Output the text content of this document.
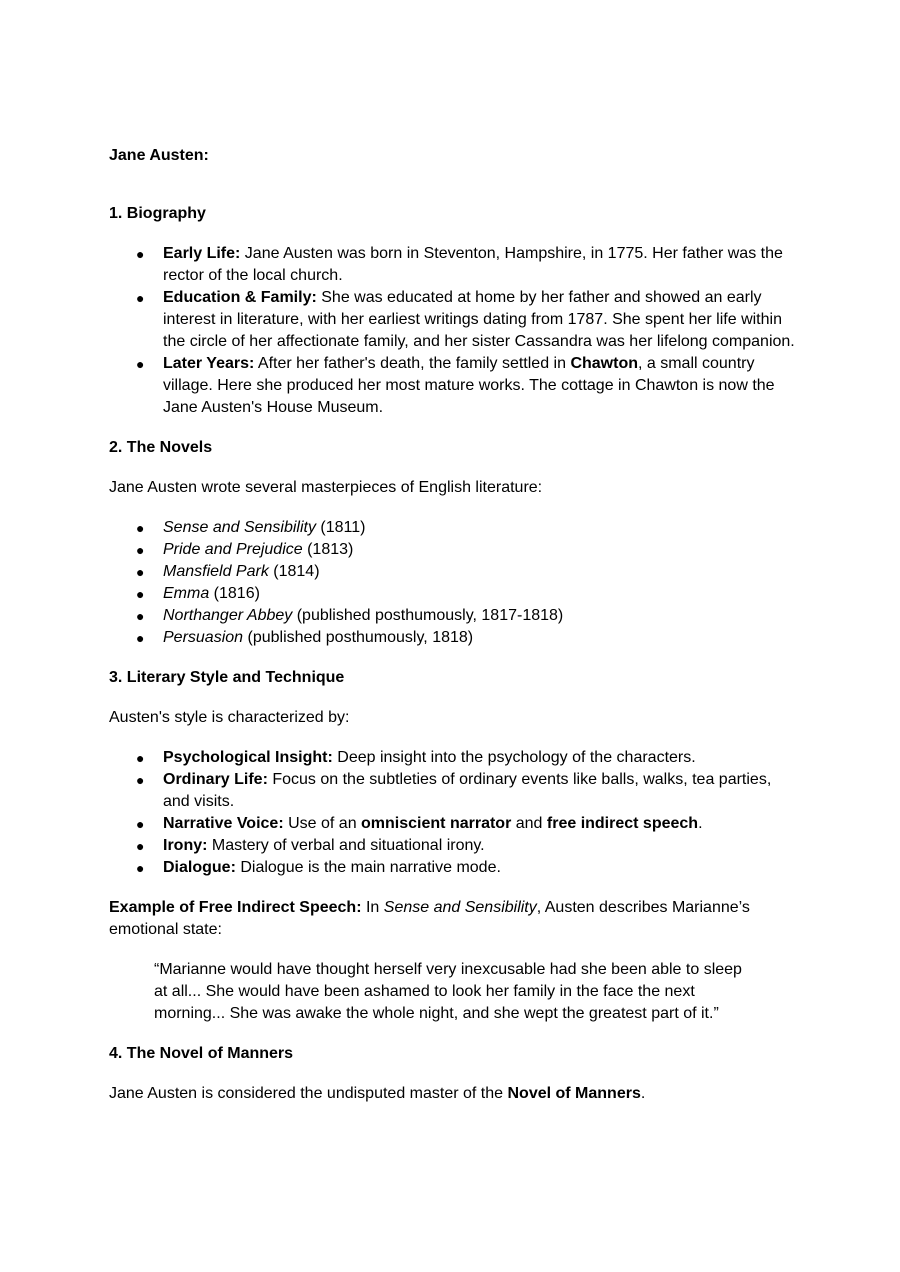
Jane Austen:

1. Biography
● Early Life: Jane Austen was born in Steventon, Hampshire, in 1775. Her father was the rector of the local church.
● Education & Family: She was educated at home by her father and showed an early interest in literature, with her earliest writings dating from 1787. She spent her life within the circle of her affectionate family, and her sister Cassandra was her lifelong companion.
● Later Years: After her father's death, the family settled in Chawton, a small country village. Here she produced her most mature works. The cottage in Chawton is now the Jane Austen's House Museum.
2. The Novels

Jane Austen wrote several masterpieces of English literature:

● Sense and Sensibility (1811)
● Pride and Prejudice (1813)
● Mansfield Park (1814)
● Emma (1816)
● Northanger Abbey (published posthumously, 1817-1818)
● Persuasion (published posthumously, 1818)
3. Literary Style and Technique

Austen's style is characterized by:

● Psychological Insight: Deep insight into the psychology of the characters.
● Ordinary Life: Focus on the subtleties of ordinary events like balls, walks, tea parties, and visits.
● Narrative Voice: Use of an omniscient narrator and free indirect speech.
● Irony: Mastery of verbal and situational irony.
● Dialogue: Dialogue is the main narrative mode.

Example of Free Indirect Speech: In Sense and Sensibility, Austen describes Marianne’s emotional state:

“Marianne would have thought herself very inexcusable had she been able to sleep at all... She would have been ashamed to look her family in the face the next morning... She was awake the whole night, and she wept the greatest part of it.”
4. The Novel of Manners

Jane Austen is considered the undisputed master of the Novel of Manners.
